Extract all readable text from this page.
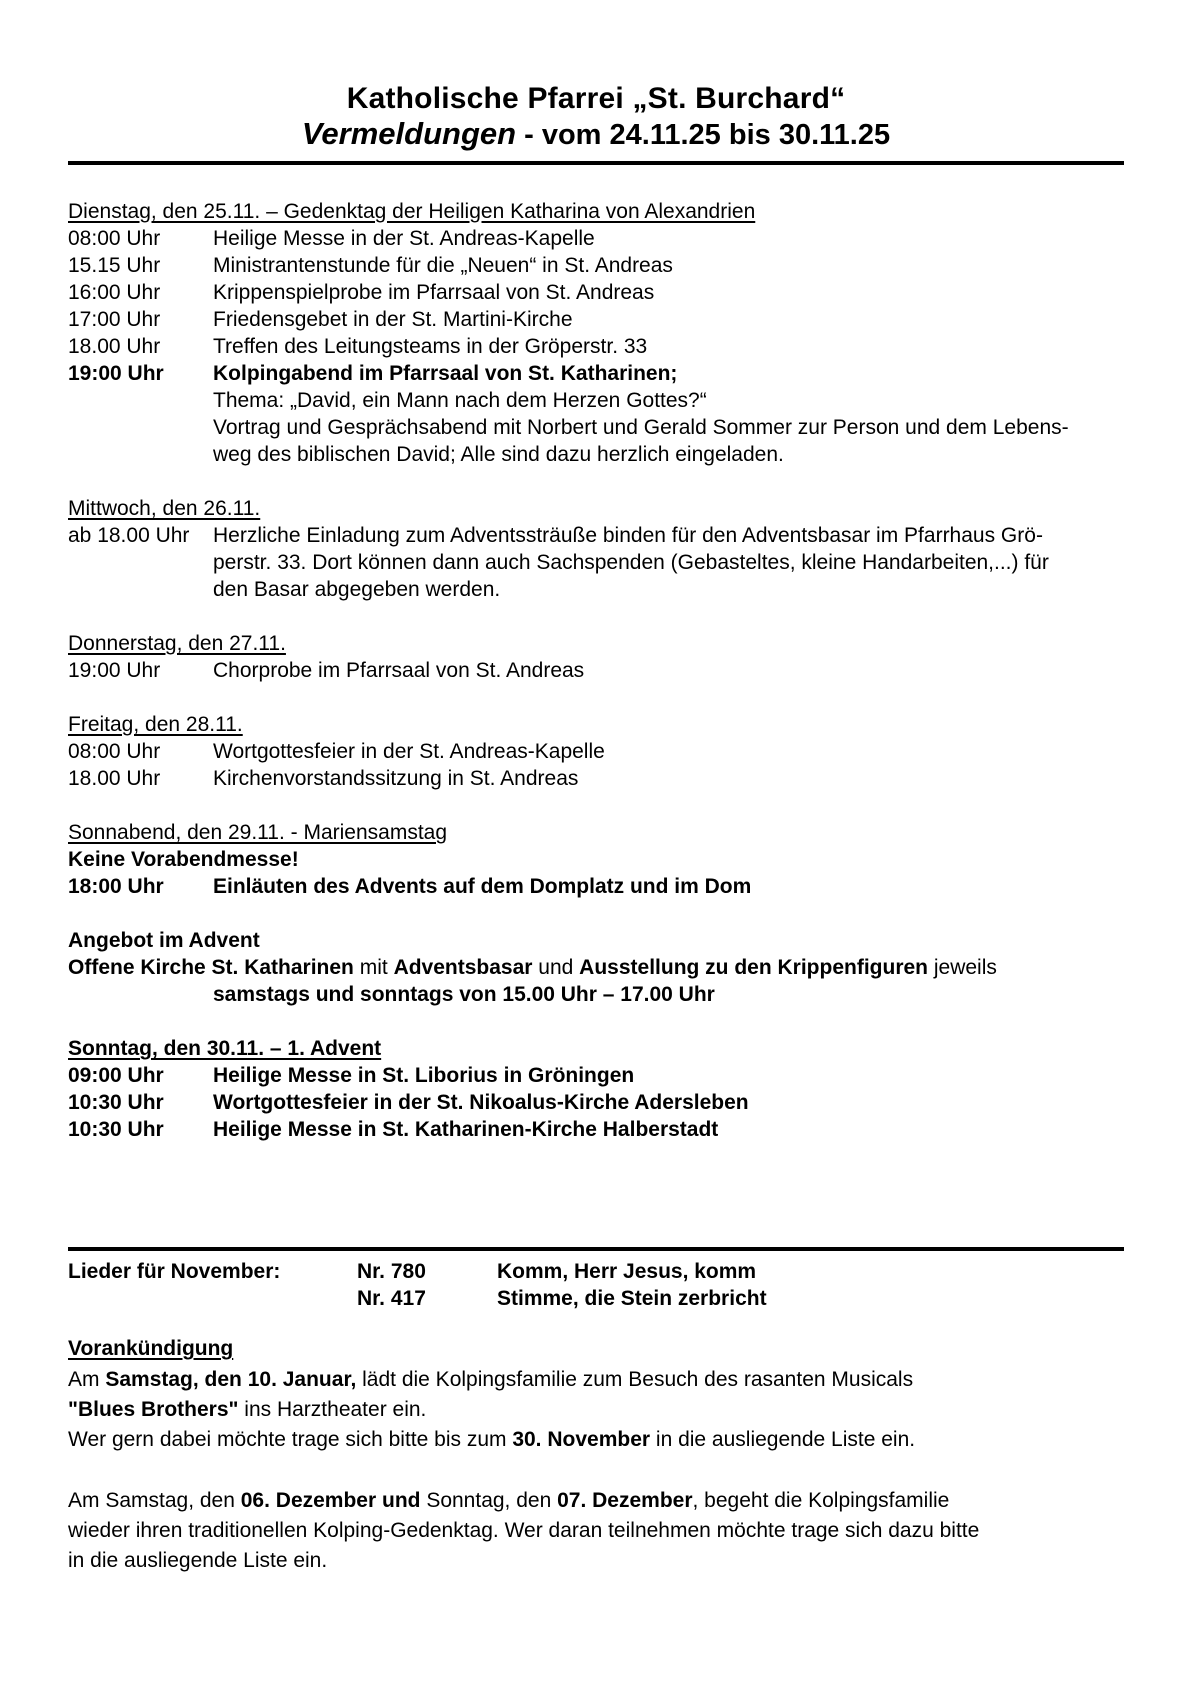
Katholische Pfarrei „St. Burchard“
Vermeldungen - vom 24.11.25 bis 30.11.25
Dienstag, den 25.11. – Gedenktag der Heiligen Katharina von Alexandrien
08:00 Uhr	Heilige Messe in der St. Andreas-Kapelle
15.15 Uhr	Ministrantenstunde für die „Neuen“ in St. Andreas
16:00 Uhr	Krippenspielprobe im Pfarrsaal von St. Andreas
17:00 Uhr	Friedensgebet in der St. Martini-Kirche
18.00 Uhr	Treffen des Leitungsteams in der Gröperstr. 33
19:00 Uhr	Kolpingabend im Pfarrsaal von St. Katharinen;
Thema: „David, ein Mann nach dem Herzen Gottes?“
Vortrag und Gesprächsabend mit Norbert und Gerald Sommer zur Person und dem Lebens-
weg des biblischen David; Alle sind dazu herzlich eingeladen.
Mittwoch, den 26.11.
ab 18.00 Uhr	Herzliche Einladung zum Adventssträuße binden für den Adventsbasar im Pfarrhaus Grö-
perstr. 33. Dort können dann auch Sachspenden (Gebasteltes, kleine Handarbeiten,...) für
den Basar abgegeben werden.
Donnerstag, den 27.11.
19:00 Uhr	Chorprobe im Pfarrsaal von St. Andreas
Freitag, den 28.11.
08:00 Uhr	Wortgottesfeier in der St. Andreas-Kapelle
18.00 Uhr	Kirchenvorstandssitzung in St. Andreas
Sonnabend, den 29.11. - Mariensamstag
Keine Vorabendmesse!
18:00 Uhr	Einläuten des Advents auf dem Domplatz und im Dom
Angebot im Advent
Offene Kirche St. Katharinen mit Adventsbasar und Ausstellung zu den Krippenfiguren jeweils
samstags und sonntags von 15.00 Uhr – 17.00 Uhr
Sonntag, den 30.11. – 1. Advent
09:00 Uhr	Heilige Messe in St. Liborius in Gröningen
10:30 Uhr	Wortgottesfeier in der St. Nikoalus-Kirche Adersleben
10:30 Uhr	Heilige Messe in St. Katharinen-Kirche Halberstadt
Lieder für November:	Nr. 780	Komm, Herr Jesus, komm
Nr. 417	Stimme, die Stein zerbricht
Vorankündigung
Am Samstag, den 10. Januar, lädt die Kolpingsfamilie zum Besuch des rasanten Musicals
"Blues Brothers" ins Harztheater ein.
Wer gern dabei möchte trage sich bitte bis zum 30. November in die ausliegende Liste ein.
Am Samstag, den 06. Dezember und Sonntag, den 07. Dezember, begeht die Kolpingsfamilie
wieder ihren traditionellen Kolping-Gedenktag. Wer daran teilnehmen möchte trage sich dazu bitte
in die ausliegende Liste ein.
